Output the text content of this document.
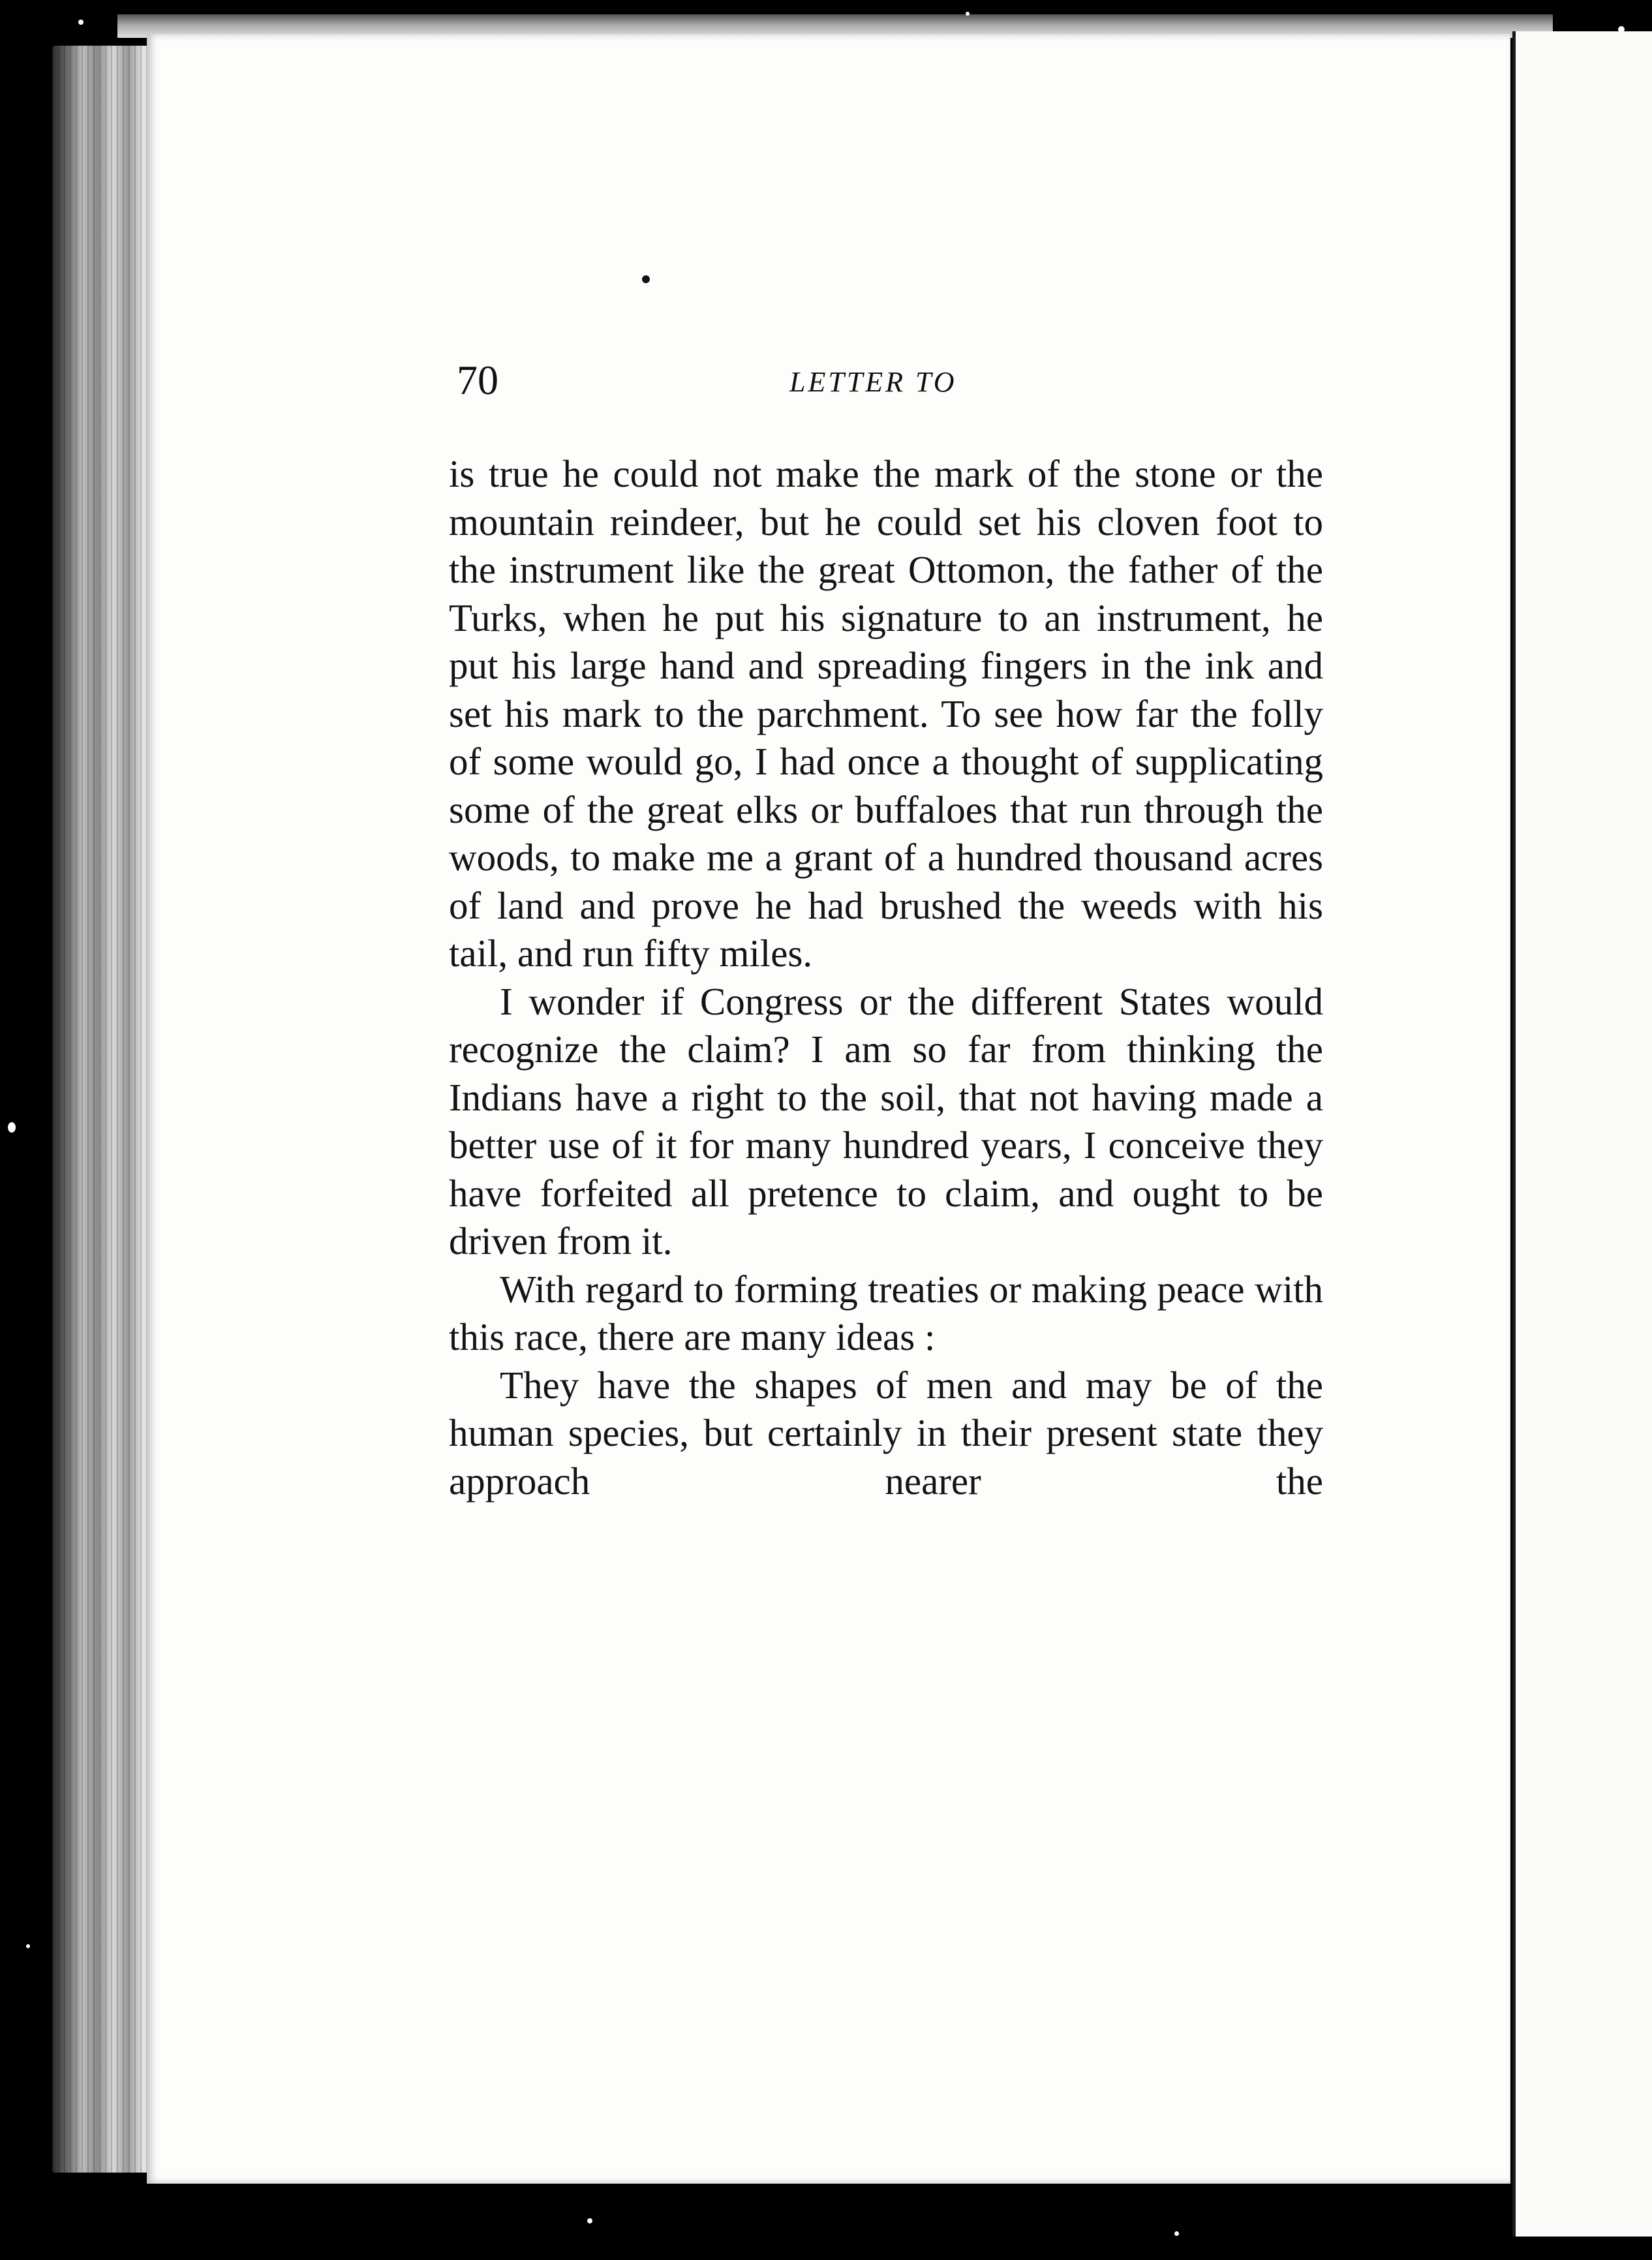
70	LETTER TO

is true he could not make the mark of the stone or the mountain reindeer, but he could set his cloven foot to the instrument like the great Ottomon, the father of the Turks, when he put his signature to an instrument, he put his large hand and spreading fingers in the ink and set his mark to the parchment. To see how far the folly of some would go, I had once a thought of supplicating some of the great elks or buffaloes that run through the woods, to make me a grant of a hundred thousand acres of land and prove he had brushed the weeds with his tail, and run fifty miles.

I wonder if Congress or the different States would recognize the claim? I am so far from thinking the Indians have a right to the soil, that not having made a better use of it for many hundred years, I conceive they have forfeited all pretence to claim, and ought to be driven from it.

With regard to forming treaties or making peace with this race, there are many ideas :

They have the shapes of men and may be of the human species, but certainly in their present state they approach nearer the
